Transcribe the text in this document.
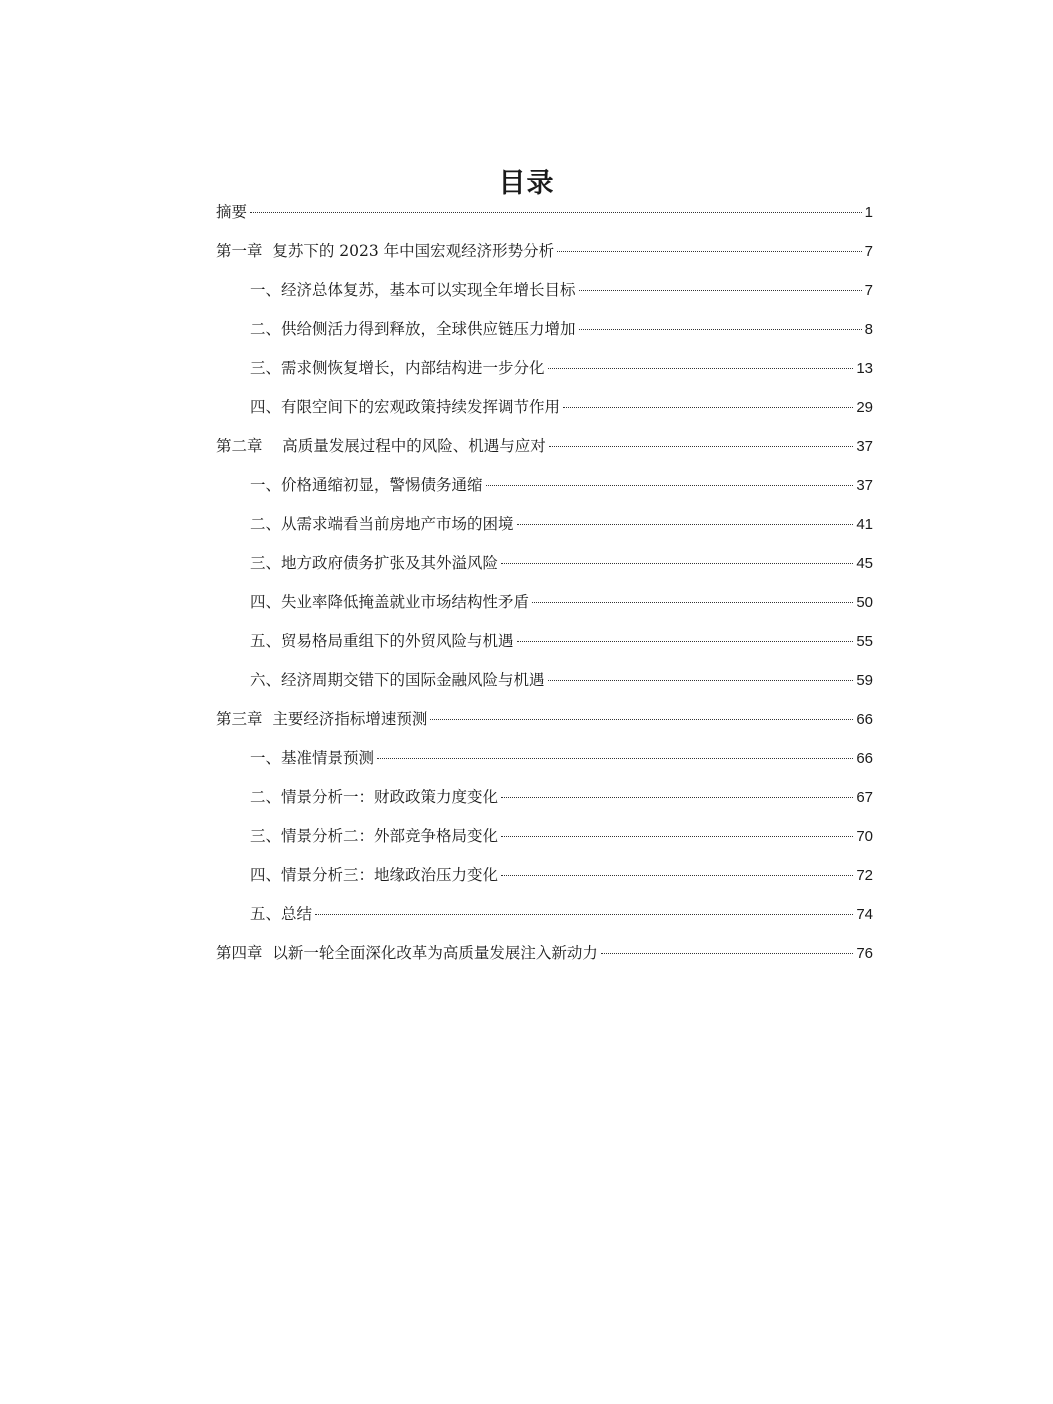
目录
摘要	1
第一章  复苏下的 2023 年中国宏观经济形势分析	7
一、经济总体复苏，基本可以实现全年增长目标	7
二、供给侧活力得到释放，全球供应链压力增加	8
三、需求侧恢复增长，内部结构进一步分化	13
四、有限空间下的宏观政策持续发挥调节作用	29
第二章    高质量发展过程中的风险、机遇与应对	37
一、价格通缩初显，警惕债务通缩	37
二、从需求端看当前房地产市场的困境	41
三、地方政府债务扩张及其外溢风险	45
四、失业率降低掩盖就业市场结构性矛盾	50
五、贸易格局重组下的外贸风险与机遇	55
六、经济周期交错下的国际金融风险与机遇	59
第三章  主要经济指标增速预测	66
一、基准情景预测	66
二、情景分析一：财政政策力度变化	67
三、情景分析二：外部竞争格局变化	70
四、情景分析三：地缘政治压力变化	72
五、总结	74
第四章  以新一轮全面深化改革为高质量发展注入新动力	76
